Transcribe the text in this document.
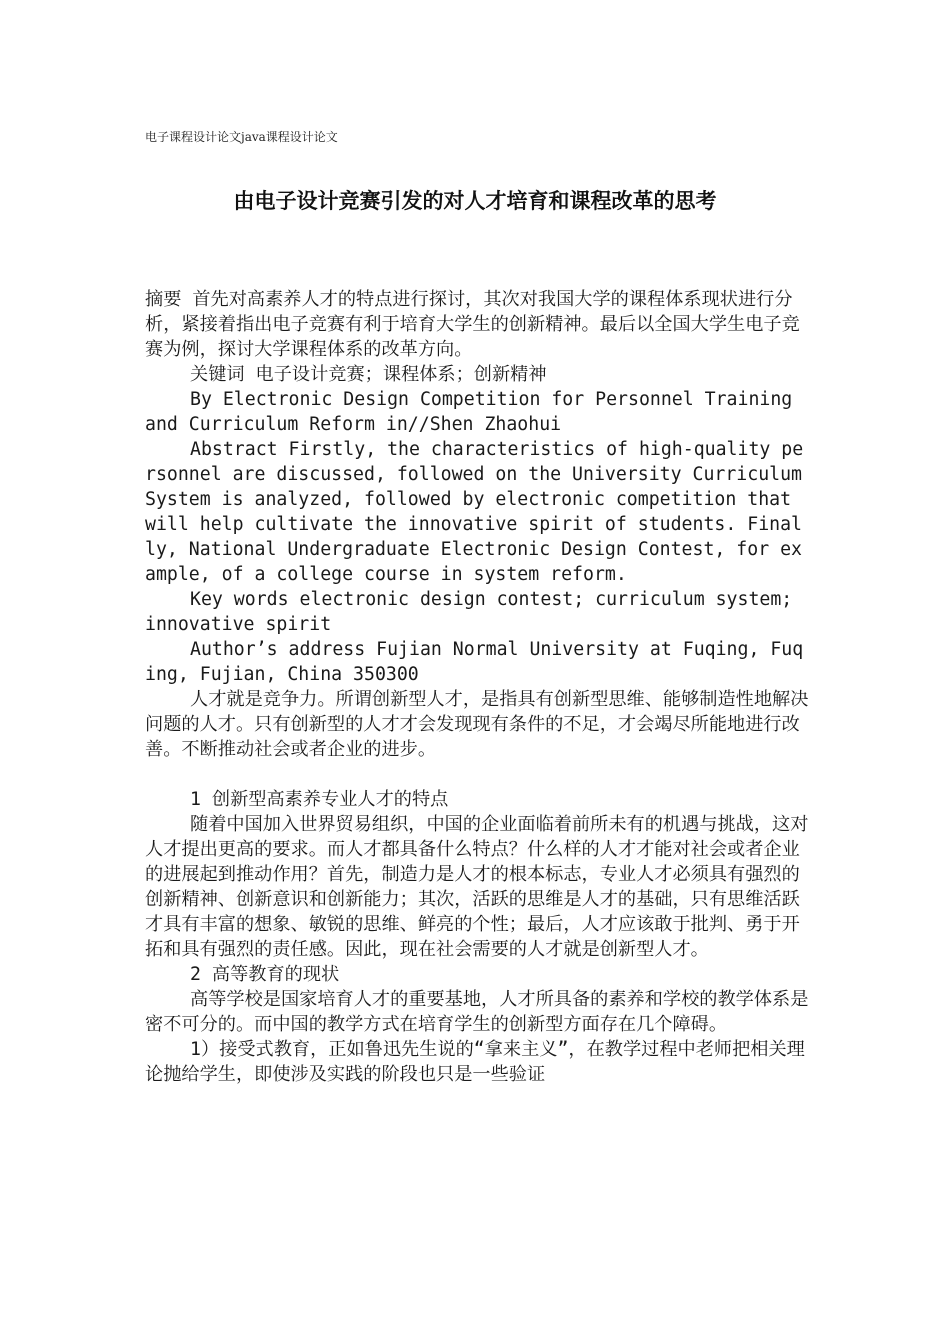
电子课程设计论文java课程设计论文
由电子设计竞赛引发的对人才培育和课程改革的思考

摘要 首先对高素养人才的特点进行探讨，其次对我国大学的课程体系现状进行分析，紧接着指出电子竞赛有利于培育大学生的创新精神。最后以全国大学生电子竞赛为例，探讨大学课程体系的改革方向。

关键词 电子设计竞赛；课程体系；创新精神

By Electronic Design Competition for Personnel Training and Curriculum Reform in//Shen Zhaohui

Abstract Firstly, the characteristics of high-quality personnel are discussed, followed on the University Curriculum System is analyzed, followed by electronic competition that will help cultivate the innovative spirit of students. Finally, National Undergraduate Electronic Design Contest, for example, of a college course in system reform.

Key words electronic design contest; curriculum system; innovative spirit

Author’s address Fujian Normal University at Fuqing, Fuqing, Fujian, China 350300

人才就是竞争力。所谓创新型人才，是指具有创新型思维、能够制造性地解决问题的人才。只有创新型的人才才会发现现有条件的不足，才会竭尽所能地进行改善。不断推动社会或者企业的进步。

1 创新型高素养专业人才的特点

随着中国加入世界贸易组织，中国的企业面临着前所未有的机遇与挑战，这对人才提出更高的要求。而人才都具备什么特点？什么样的人才才能对社会或者企业的进展起到推动作用？首先，制造力是人才的根本标志，专业人才必须具有强烈的创新精神、创新意识和创新能力；其次，活跃的思维是人才的基础，只有思维活跃才具有丰富的想象、敏锐的思维、鲜亮的个性；最后，人才应该敢于批判、勇于开拓和具有强烈的责任感。因此，现在社会需要的人才就是创新型人才。

2 高等教育的现状

高等学校是国家培育人才的重要基地，人才所具备的素养和学校的教学体系是密不可分的。而中国的教学方式在培育学生的创新型方面存在几个障碍。

1）接受式教育，正如鲁迅先生说的“拿来主义”，在教学过程中老师把相关理论抛给学生，即使涉及实践的阶段也只是一些验证
